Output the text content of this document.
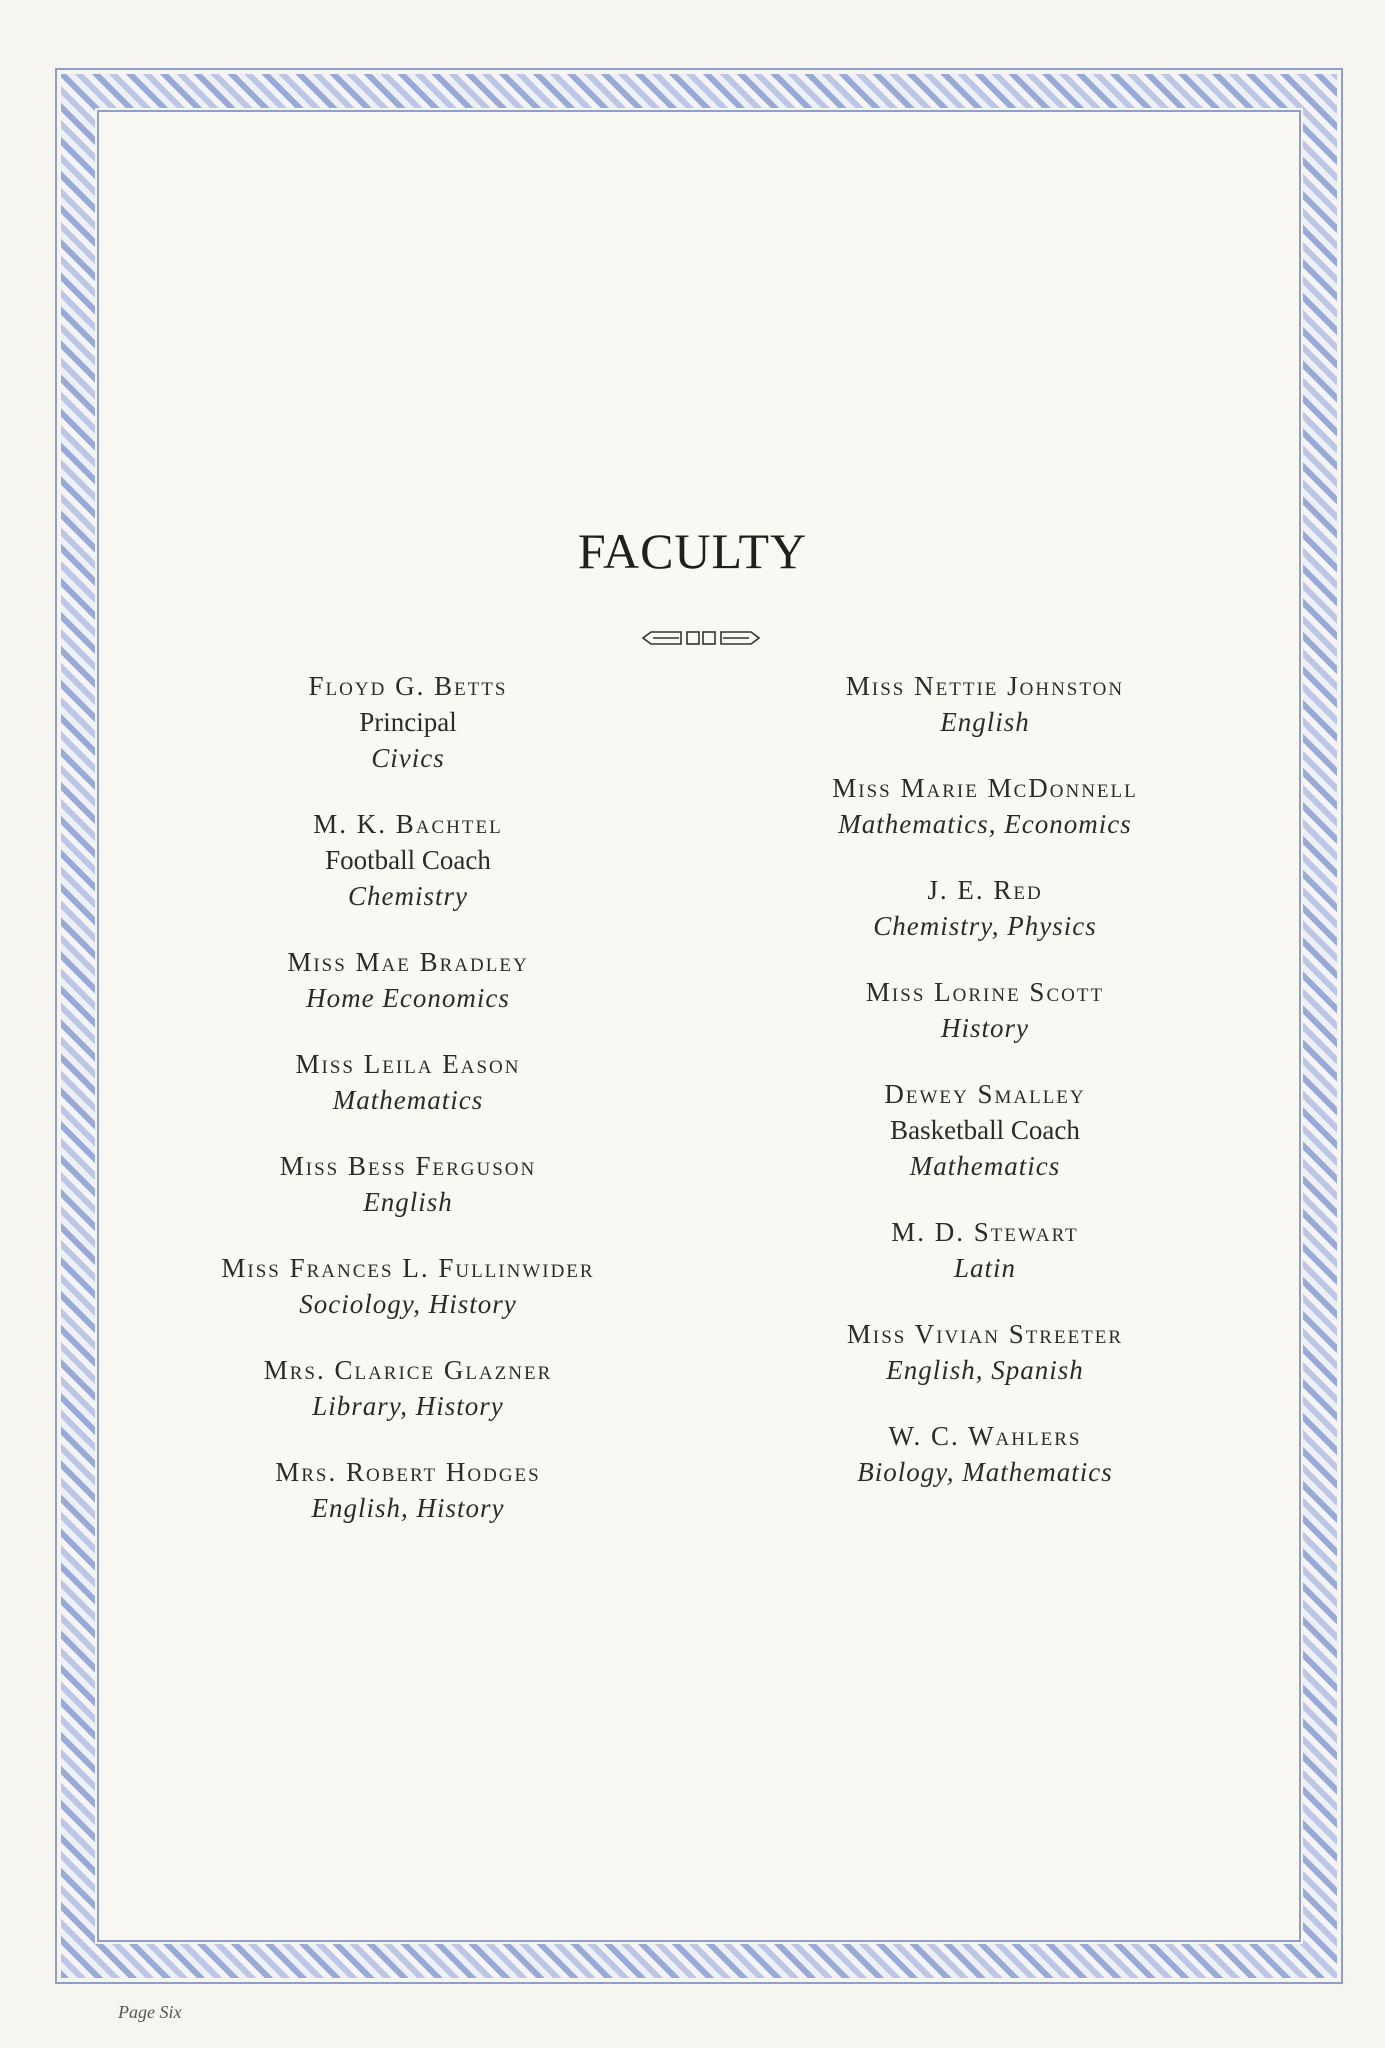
FACULTY
Floyd G. Betts
Principal
Civics
M. K. Bachtel
Football Coach
Chemistry
Miss Mae Bradley
Home Economics
Miss Leila Eason
Mathematics
Miss Bess Ferguson
English
Miss Frances L. Fullinwider
Sociology, History
Mrs. Clarice Glazner
Library, History
Mrs. Robert Hodges
English, History
Miss Nettie Johnston
English
Miss Marie McDonnell
Mathematics, Economics
J. E. Red
Chemistry, Physics
Miss Lorine Scott
History
Dewey Smalley
Basketball Coach
Mathematics
M. D. Stewart
Latin
Miss Vivian Streeter
English, Spanish
W. C. Wahlers
Biology, Mathematics
Page Six
